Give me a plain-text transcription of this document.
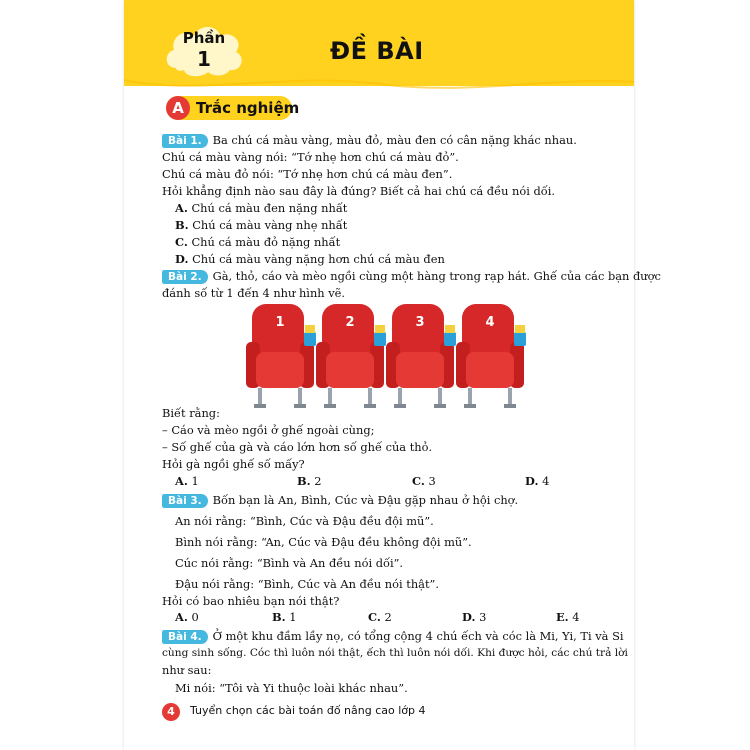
Phần
1	ĐỀ BÀI
A Trắc nghiệm
Bài 1. Ba chú cá màu vàng, màu đỏ, màu đen có cân nặng khác nhau.
Chú cá màu vàng nói: “Tớ nhẹ hơn chú cá màu đỏ”.
Chú cá màu đỏ nói: “Tớ nhẹ hơn chú cá màu đen”.
Hỏi khẳng định nào sau đây là đúng? Biết cả hai chú cá đều nói dối.
A. Chú cá màu đen nặng nhất
B. Chú cá màu vàng nhẹ nhất
C. Chú cá màu đỏ nặng nhất
D. Chú cá màu vàng nặng hơn chú cá màu đen
Bài 2. Gà, thỏ, cáo và mèo ngồi cùng một hàng trong rạp hát. Ghế của các bạn được
đánh số từ 1 đến 4 như hình vẽ.
1	2	3	4
Biết rằng:
– Cáo và mèo ngồi ở ghế ngoài cùng;
– Số ghế của gà và cáo lớn hơn số ghế của thỏ.
Hỏi gà ngồi ghế số mấy?
A. 1	B. 2	C. 3	D. 4
Bài 3. Bốn bạn là An, Bình, Cúc và Đậu gặp nhau ở hội chợ.
An nói rằng: “Bình, Cúc và Đậu đều đội mũ”.
Bình nói rằng: “An, Cúc và Đậu đều không đội mũ”.
Cúc nói rằng: “Bình và An đều nói dối”.
Đậu nói rằng: “Bình, Cúc và An đều nói thật”.
Hỏi có bao nhiêu bạn nói thật?
A. 0	B. 1	C. 2	D. 3	E. 4
Bài 4. Ở một khu đầm lầy nọ, có tổng cộng 4 chú ếch và cóc là Mi, Yi, Ti và Si
cùng sinh sống. Cóc thì luôn nói thật, ếch thì luôn nói dối. Khi được hỏi, các chú trả lời
như sau:
Mi nói: “Tôi và Yi thuộc loài khác nhau”.
4	Tuyển chọn các bài toán đố nâng cao lớp 4
